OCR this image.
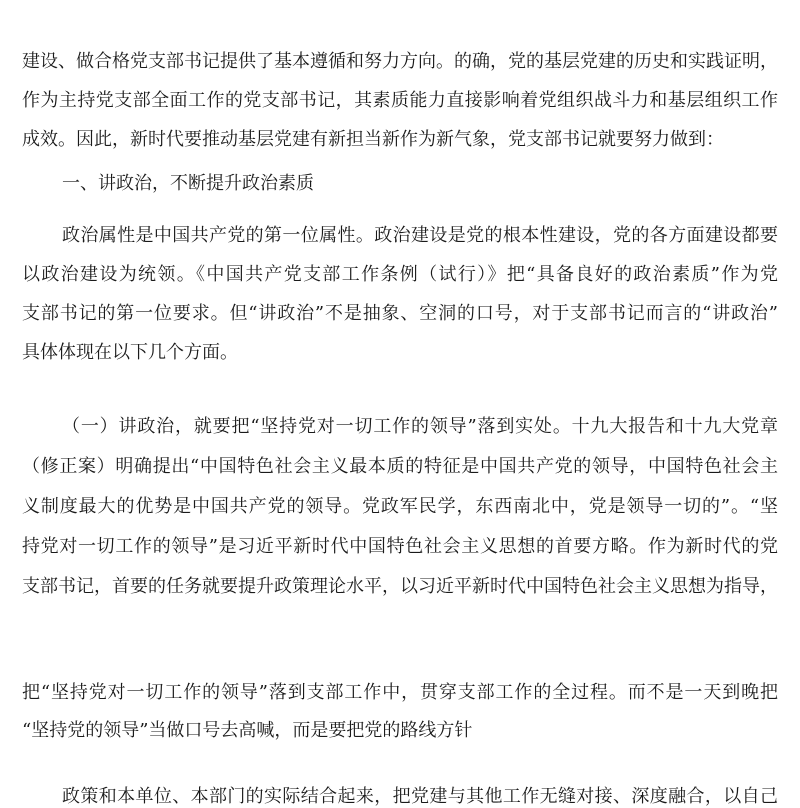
建设、做合格党支部书记提供了基本遵循和努力方向。的确，党的基层党建的历史和实践证明，
作为主持党支部全面工作的党支部书记，其素质能力直接影响着党组织战斗力和基层组织工作
成效。因此，新时代要推动基层党建有新担当新作为新气象，党支部书记就要努力做到：
一、讲政治，不断提升政治素质
政治属性是中国共产党的第一位属性。政治建设是党的根本性建设，党的各方面建设都要
以政治建设为统领。《中国共产党支部工作条例（试行）》把“具备良好的政治素质”作为党
支部书记的第一位要求。但“讲政治”不是抽象、空洞的口号，对于支部书记而言的“讲政治”
具体体现在以下几个方面。
（一）讲政治，就要把“坚持党对一切工作的领导”落到实处。十九大报告和十九大党章
（修正案）明确提出“中国特色社会主义最本质的特征是中国共产党的领导，中国特色社会主
义制度最大的优势是中国共产党的领导。党政军民学，东西南北中，党是领导一切的”。“坚
持党对一切工作的领导”是习近平新时代中国特色社会主义思想的首要方略。作为新时代的党
支部书记，首要的任务就要提升政策理论水平，以习近平新时代中国特色社会主义思想为指导，
把“坚持党对一切工作的领导”落到支部工作中，贯穿支部工作的全过程。而不是一天到晚把
“坚持党的领导”当做口号去高喊，而是要把党的路线方针
政策和本单位、本部门的实际结合起来，把党建与其他工作无缝对接、深度融合，以自己
